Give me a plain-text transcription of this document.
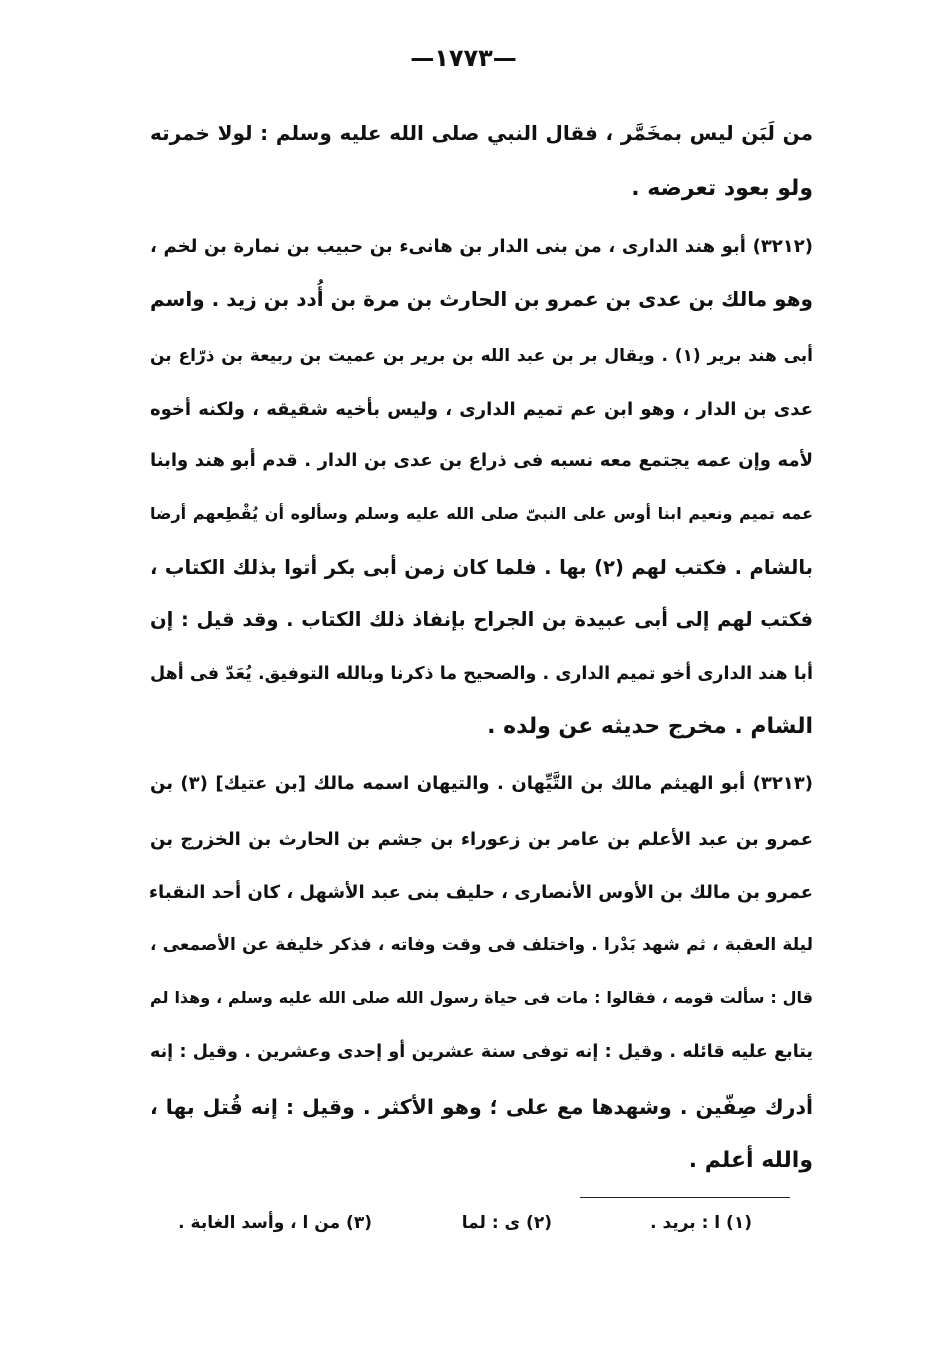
—١٧٧٣—
من لَبَن ليس بمخَمَّر ، فقال النبي صلى الله عليه وسلم : لولا خمرته
ولو بعود تعرضه .
(٣٢١٢) أبو هند الدارى ، من بنى الدار بن هانىء بن حبيب بن نمارة بن لخم ،
وهو مالك بن عدى بن عمرو بن الحارث بن مرة بن أُدد بن زيد . واسم
أبى هند برير (١) . ويقال بر بن عبد الله بن برير بن عميت بن ربيعة بن ذرّاع بن
عدى بن الدار ، وهو ابن عم تميم الدارى ، وليس بأخيه شقيقه ، ولكنه أخوه
لأمه وإن عمه يجتمع معه نسبه فى ذراع بن عدى بن الدار . قدم أبو هند وابنا
عمه تميم ونعيم ابنا أوس على النبىّ صلى الله عليه وسلم وسألوه أن يُقْطِعهم أرضا
بالشام . فكتب لهم (٢) بها . فلما كان زمن أبى بكر أتوا بذلك الكتاب ،
فكتب لهم إلى أبى عبيدة بن الجراح بإنفاذ ذلك الكتاب . وقد قيل : إن
أبا هند الدارى أخو تميم الدارى . والصحيح ما ذكرنا وبالله التوفيق. يُعَدّ فى أهل
الشام . مخرج حديثه عن ولده .
(٣٢١٣) أبو الهيثم مالك بن التَّيِّهان . والتيهان اسمه مالك [بن عتيك] (٣) بن
عمرو بن عبد الأعلم بن عامر بن زعوراء بن جشم بن الحارث بن الخزرج بن
عمرو بن مالك بن الأوس الأنصارى ، حليف بنى عبد الأشهل ، كان أحد النقباء
ليلة العقبة ، ثم شهد بَدْرا . واختلف فى وقت وفاته ، فذكر خليفة عن الأصمعى ،
قال : سألت قومه ، فقالوا : مات فى حياة رسول الله صلى الله عليه وسلم ، وهذا لم
يتابع عليه قائله . وقيل : إنه توفى سنة عشرين أو إحدى وعشرين . وقيل : إنه
أدرك صِفّين . وشهدها مع على ؛ وهو الأكثر . وقيل : إنه قُتل بها ،
والله أعلم .
(١) ا : بريد .
(٢) ى : لما
(٣) من ا ، وأسد الغابة .
